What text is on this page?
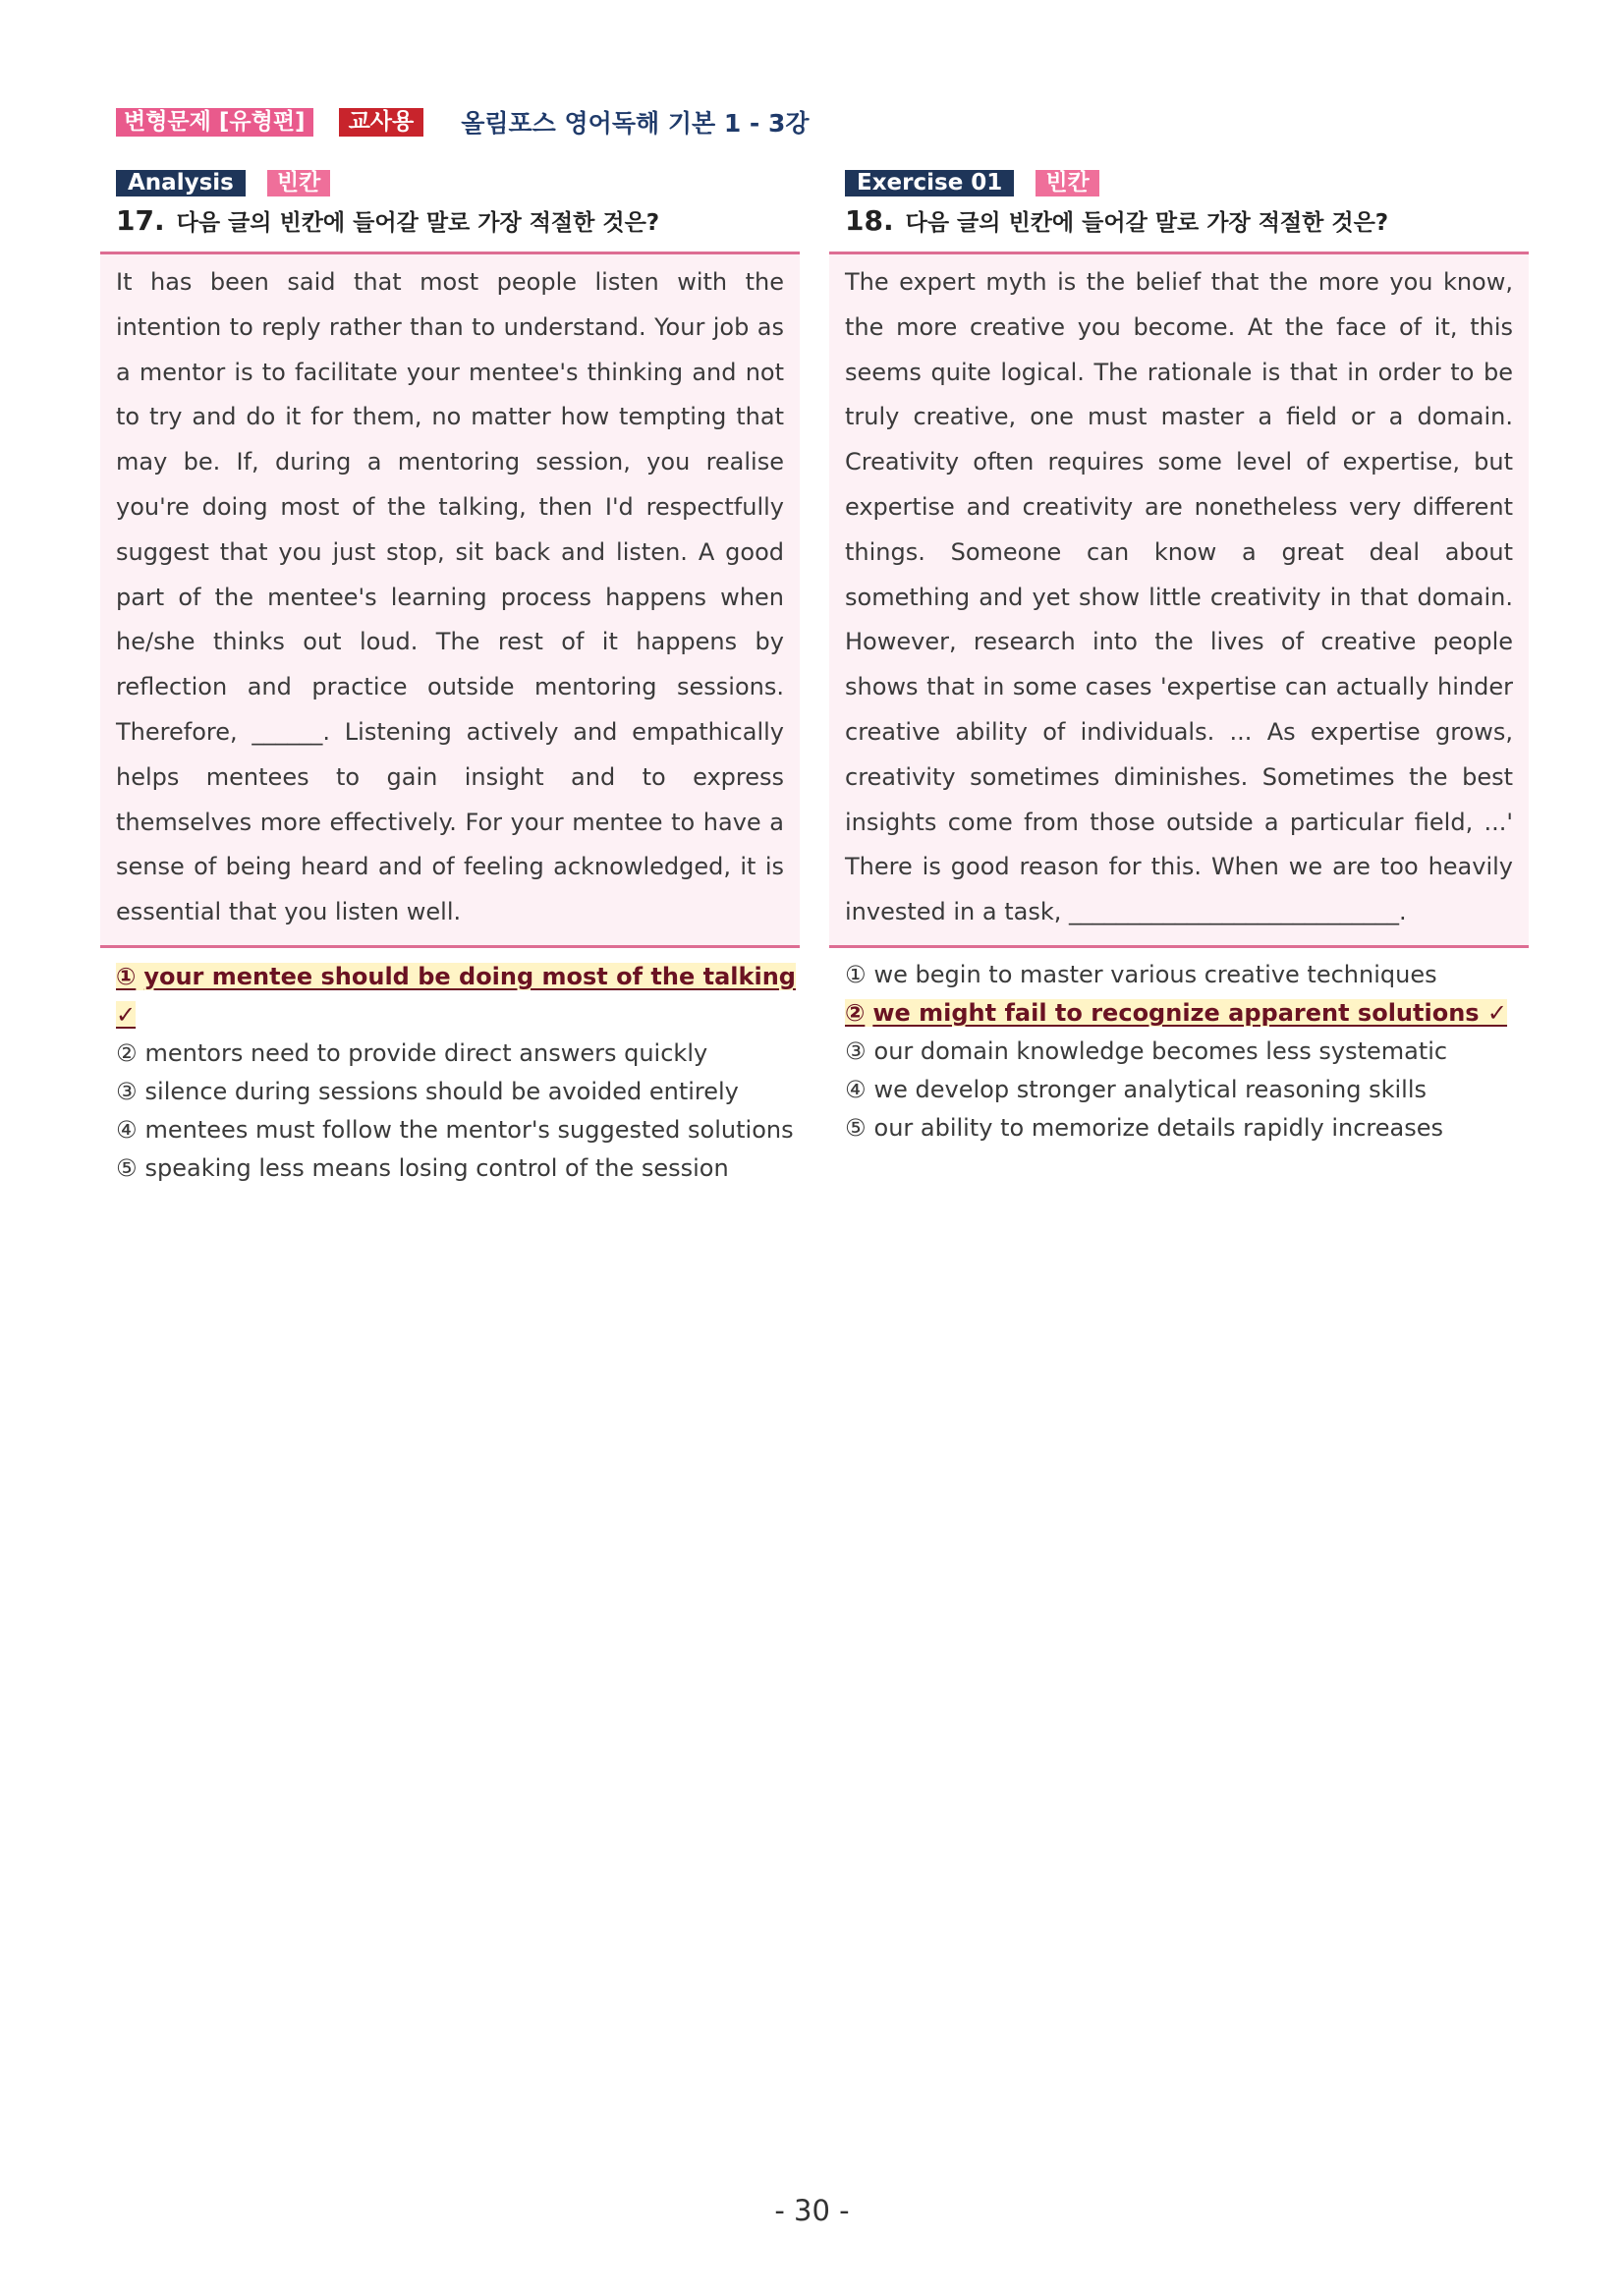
변형문제 [유형편]	교사용	올림포스 영어독해 기본 1 - 3강
Analysis	빈칸
17. 다음 글의 빈칸에 들어갈 말로 가장 적절한 것은?

It has been said that most people listen with the intention to reply rather than to understand. Your job as a mentor is to facilitate your mentee's thinking and not to try and do it for them, no matter how tempting that may be. If, during a mentoring session, you realise you're doing most of the talking, then I'd respectfully suggest that you just stop, sit back and listen. A good part of the mentee's learning process happens when he/she thinks out loud. The rest of it happens by reflection and practice outside mentoring sessions. Therefore, ______. Listening actively and empathically helps mentees to gain insight and to express themselves more effectively. For your mentee to have a sense of being heard and of feeling acknowledged, it is essential that you listen well.

① your mentee should be doing most of the talking ✓
② mentors need to provide direct answers quickly
③ silence during sessions should be avoided entirely
④ mentees must follow the mentor's suggested solutions
⑤ speaking less means losing control of the session
Exercise 01	빈칸
18. 다음 글의 빈칸에 들어갈 말로 가장 적절한 것은?

The expert myth is the belief that the more you know, the more creative you become. At the face of it, this seems quite logical. The rationale is that in order to be truly creative, one must master a field or a domain. Creativity often requires some level of expertise, but expertise and creativity are nonetheless very different things. Someone can know a great deal about something and yet show little creativity in that domain. However, research into the lives of creative people shows that in some cases 'expertise can actually hinder creative ability of individuals. ... As expertise grows, creativity sometimes diminishes. Sometimes the best insights come from those outside a particular field, ...' There is good reason for this. When we are too heavily invested in a task, ____________________________.

① we begin to master various creative techniques
② we might fail to recognize apparent solutions ✓
③ our domain knowledge becomes less systematic
④ we develop stronger analytical reasoning skills
⑤ our ability to memorize details rapidly increases
- 30 -
